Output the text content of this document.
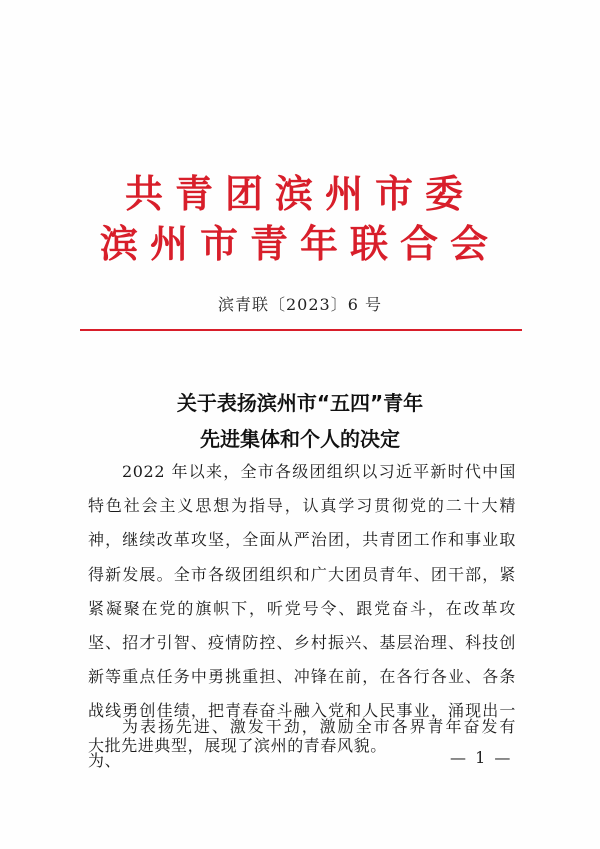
共青团滨州市委
滨州市青年联合会
滨青联〔2023〕6 号
关于表扬滨州市“五四”青年
先进集体和个人的决定
2022 年以来，全市各级团组织以习近平新时代中国特色社会主义思想为指导，认真学习贯彻党的二十大精神，继续改革攻坚，全面从严治团，共青团工作和事业取得新发展。全市各级团组织和广大团员青年、团干部，紧紧凝聚在党的旗帜下，听党号令、跟党奋斗，在改革攻坚、招才引智、疫情防控、乡村振兴、基层治理、科技创新等重点任务中勇挑重担、冲锋在前，在各行各业、各条战线勇创佳绩，把青春奋斗融入党和人民事业，涌现出一大批先进典型，展现了滨州的青春风貌。
为表扬先进、激发干劲，激励全市各界青年奋发有为、	— 1 —
